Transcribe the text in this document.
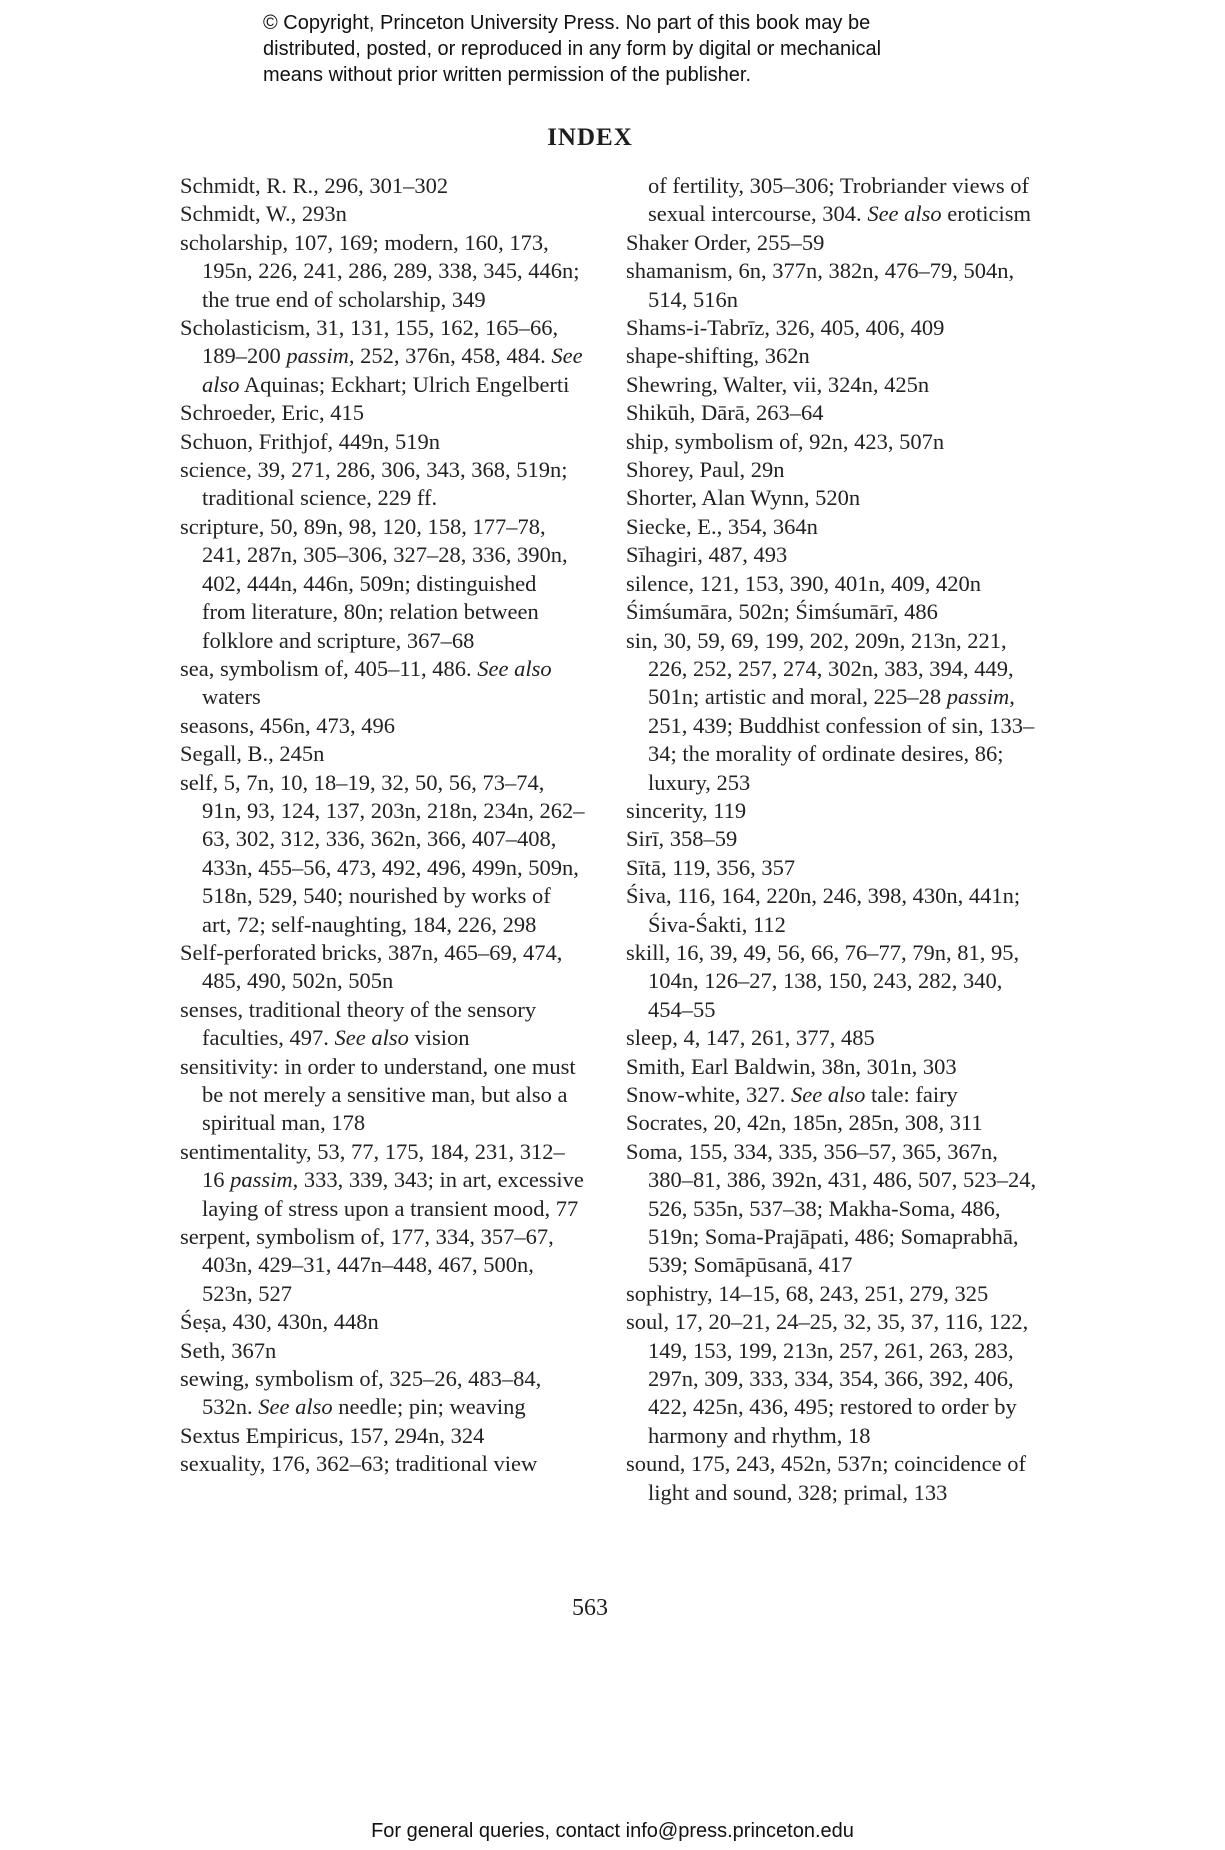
© Copyright, Princeton University Press. No part of this book may be
distributed, posted, or reproduced in any form by digital or mechanical
means without prior written permission of the publisher.
INDEX

Schmidt, R. R., 296, 301–302

Schmidt, W., 293n

scholarship, 107, 169; modern, 160, 173, 195n, 226, 241, 286, 289, 338, 345, 446n; the true end of scholarship, 349

Scholasticism, 31, 131, 155, 162, 165–66, 189–200 passim, 252, 376n, 458, 484. See also Aquinas; Eckhart; Ulrich Engelberti

Schroeder, Eric, 415

Schuon, Frithjof, 449n, 519n

science, 39, 271, 286, 306, 343, 368, 519n; traditional science, 229 ff.

scripture, 50, 89n, 98, 120, 158, 177–78, 241, 287n, 305–306, 327–28, 336, 390n, 402, 444n, 446n, 509n; distinguished from literature, 80n; relation between folklore and scripture, 367–68

sea, symbolism of, 405–11, 486. See also waters

seasons, 456n, 473, 496

Segall, B., 245n

self, 5, 7n, 10, 18–19, 32, 50, 56, 73–74, 91n, 93, 124, 137, 203n, 218n, 234n, 262–63, 302, 312, 336, 362n, 366, 407–408, 433n, 455–56, 473, 492, 496, 499n, 509n, 518n, 529, 540; nourished by works of art, 72; self-naughting, 184, 226, 298

Self-perforated bricks, 387n, 465–69, 474, 485, 490, 502n, 505n

senses, traditional theory of the sensory faculties, 497. See also vision

sensitivity: in order to understand, one must be not merely a sensitive man, but also a spiritual man, 178

sentimentality, 53, 77, 175, 184, 231, 312–16 passim, 333, 339, 343; in art, excessive laying of stress upon a transient mood, 77

serpent, symbolism of, 177, 334, 357–67, 403n, 429–31, 447n–448, 467, 500n, 523n, 527

Śeṣa, 430, 430n, 448n

Seth, 367n

sewing, symbolism of, 325–26, 483–84, 532n. See also needle; pin; weaving

Sextus Empiricus, 157, 294n, 324

sexuality, 176, 362–63; traditional view

of fertility, 305–306; Trobriander views of sexual intercourse, 304. See also eroticism

Shaker Order, 255–59

shamanism, 6n, 377n, 382n, 476–79, 504n, 514, 516n

Shams-i-Tabrīz, 326, 405, 406, 409

shape-shifting, 362n

Shewring, Walter, vii, 324n, 425n

Shikūh, Dārā, 263–64

ship, symbolism of, 92n, 423, 507n

Shorey, Paul, 29n

Shorter, Alan Wynn, 520n

Siecke, E., 354, 364n

Sīhagiri, 487, 493

silence, 121, 153, 390, 401n, 409, 420n

Śimśumāra, 502n; Śimśumārī, 486

sin, 30, 59, 69, 199, 202, 209n, 213n, 221, 226, 252, 257, 274, 302n, 383, 394, 449, 501n; artistic and moral, 225–28 passim, 251, 439; Buddhist confession of sin, 133–34; the morality of ordinate desires, 86; luxury, 253

sincerity, 119

Sirī, 358–59

Sītā, 119, 356, 357

Śiva, 116, 164, 220n, 246, 398, 430n, 441n; Śiva-Śakti, 112

skill, 16, 39, 49, 56, 66, 76–77, 79n, 81, 95, 104n, 126–27, 138, 150, 243, 282, 340, 454–55

sleep, 4, 147, 261, 377, 485

Smith, Earl Baldwin, 38n, 301n, 303

Snow-white, 327. See also tale: fairy

Socrates, 20, 42n, 185n, 285n, 308, 311

Soma, 155, 334, 335, 356–57, 365, 367n, 380–81, 386, 392n, 431, 486, 507, 523–24, 526, 535n, 537–38; Makha-Soma, 486, 519n; Soma-Prajāpati, 486; Somaprabhā, 539; Somāpūsanā, 417

sophistry, 14–15, 68, 243, 251, 279, 325

soul, 17, 20–21, 24–25, 32, 35, 37, 116, 122, 149, 153, 199, 213n, 257, 261, 263, 283, 297n, 309, 333, 334, 354, 366, 392, 406, 422, 425n, 436, 495; restored to order by harmony and rhythm, 18

sound, 175, 243, 452n, 537n; coincidence of light and sound, 328; primal, 133

563
For general queries, contact info@press.princeton.edu
